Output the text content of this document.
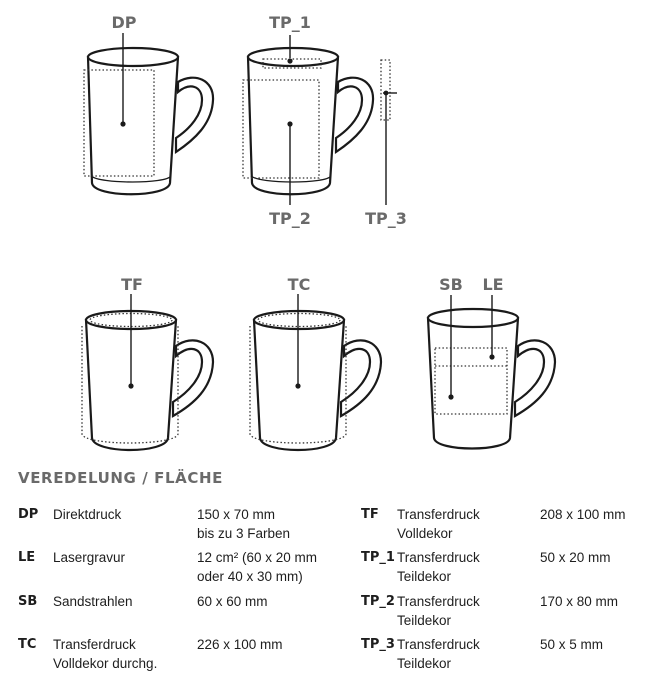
DP	TP_1
TP_2	TP_3
TF	TC	SB LE
VEREDELUNG / FLÄCHE
DP Direktdruck	150 x 70 mm
bis zu 3 Farben
LE Lasergravur	12 cm² (60 x 20 mm
oder 40 x 30 mm)
SB Sandstrahlen	60 x 60 mm
TC Transferdruck
Volldekor durchg.
226 x 100 mm
TF Transferdruck
Volldekor
208 x 100 mm
TP_1 Transferdruck
Teildekor
50 x 20 mm
TP_2 Transferdruck
Teildekor
170 x 80 mm
TP_3 Transferdruck
Teildekor
50 x 5 mm
